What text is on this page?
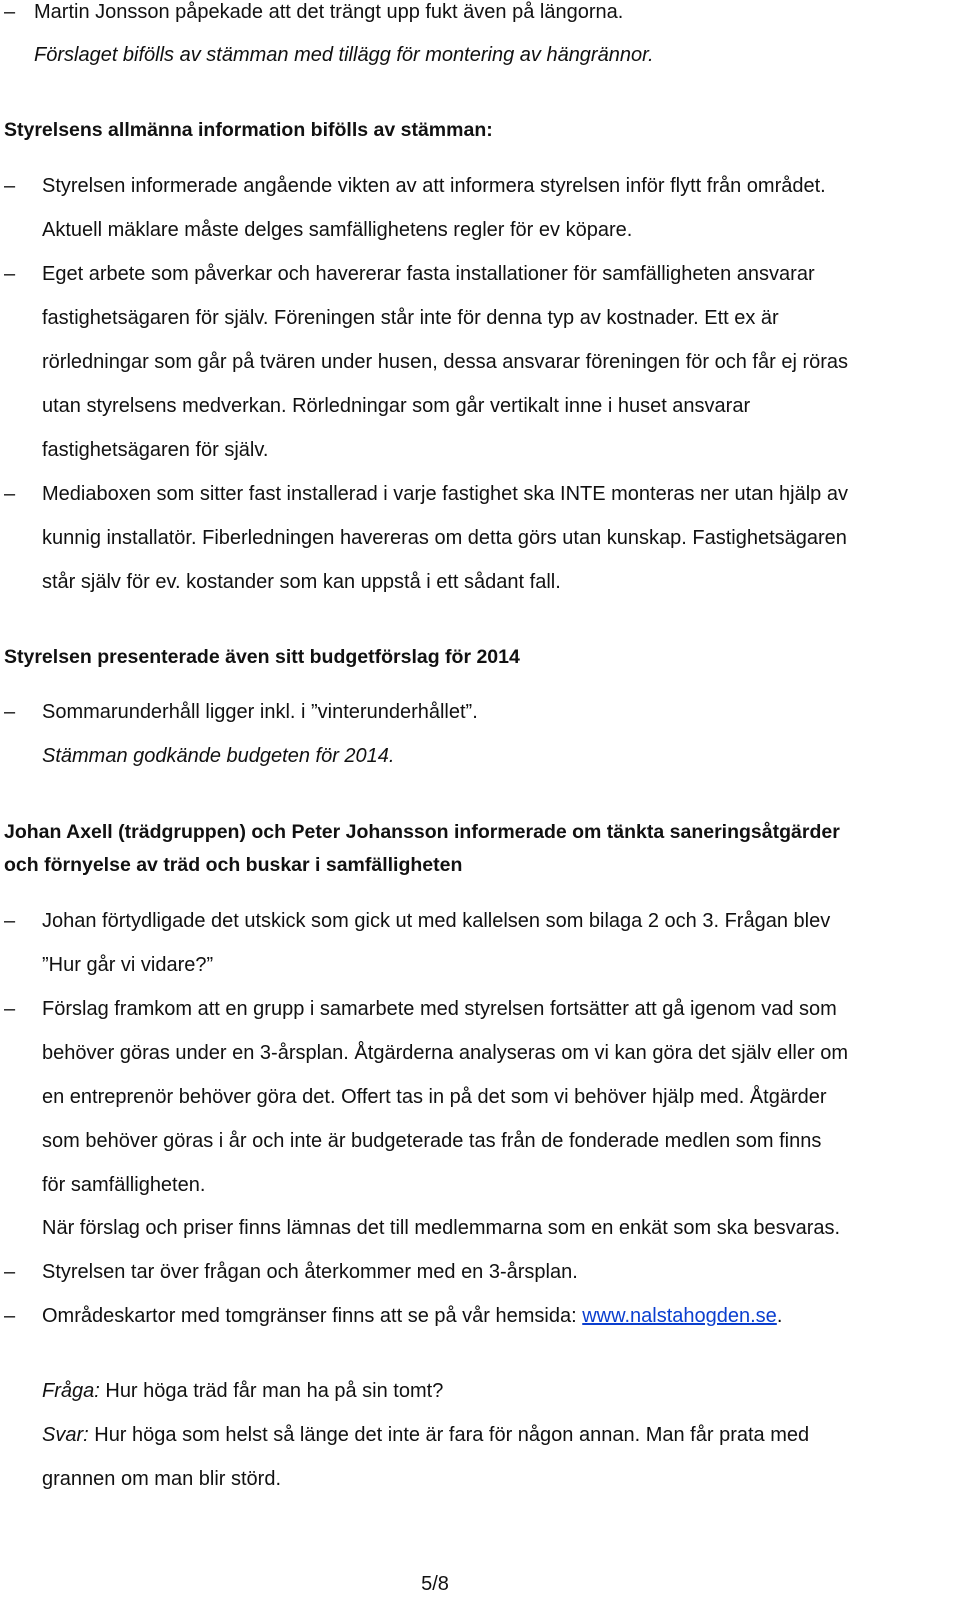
– Martin Jonsson påpekade att det trängt upp fukt även på längorna.
Förslaget bifölls av stämman med tillägg för montering av hängrännor.
Styrelsens allmänna information bifölls av stämman:
– Styrelsen informerade angående vikten av att informera styrelsen inför flytt från området.
Aktuell mäklare måste delges samfällighetens regler för ev köpare.
– Eget arbete som påverkar och havererar fasta installationer för samfälligheten ansvarar
fastighetsägaren för själv. Föreningen står inte för denna typ av kostnader. Ett ex är
rörledningar som går på tvären under husen, dessa ansvarar föreningen för och får ej röras
utan styrelsens medverkan. Rörledningar som går vertikalt inne i huset ansvarar
fastighetsägaren för själv.
– Mediaboxen som sitter fast installerad i varje fastighet ska INTE monteras ner utan hjälp av
kunnig installatör. Fiberledningen havereras om detta görs utan kunskap. Fastighetsägaren
står själv för ev. kostander som kan uppstå i ett sådant fall.
Styrelsen presenterade även sitt budgetförslag för 2014
– Sommarunderhåll ligger inkl. i ”vinterunderhållet”.
Stämman godkände budgeten för 2014.
Johan Axell (trädgruppen) och Peter Johansson informerade om tänkta saneringsåtgärder
och förnyelse av träd och buskar i samfälligheten
– Johan förtydligade det utskick som gick ut med kallelsen som bilaga 2 och 3. Frågan blev
”Hur går vi vidare?”
– Förslag framkom att en grupp i samarbete med styrelsen fortsätter att gå igenom vad som
behöver göras under en 3-årsplan. Åtgärderna analyseras om vi kan göra det själv eller om
en entreprenör behöver göra det. Offert tas in på det som vi behöver hjälp med. Åtgärder
som behöver göras i år och inte är budgeterade tas från de fonderade medlen som finns
för samfälligheten.
När förslag och priser finns lämnas det till medlemmarna som en enkät som ska besvaras.
– Styrelsen tar över frågan och återkommer med en 3-årsplan.
– Områdeskartor med tomgränser finns att se på vår hemsida: www.nalstahogden.se.
Fråga: Hur höga träd får man ha på sin tomt?
Svar: Hur höga som helst så länge det inte är fara för någon annan. Man får prata med
grannen om man blir störd.
5/8
